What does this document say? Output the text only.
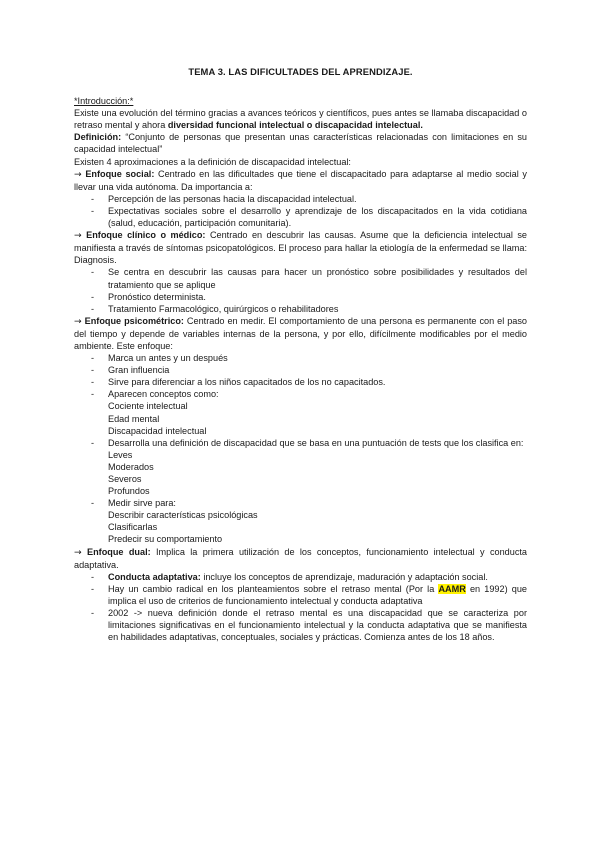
TEMA 3. LAS DIFICULTADES DEL APRENDIZAJE.

*Introducción:*

Existe una evolución del término gracias a avances teóricos y científicos, pues antes se llamaba discapacidad o retraso mental y ahora diversidad funcional intelectual o discapacidad intelectual.

Definición: “Conjunto de personas que presentan unas características relacionadas con limitaciones en su capacidad intelectual”

Existen 4 aproximaciones a la definición de discapacidad intelectual:

→ Enfoque social: Centrado en las dificultades que tiene el discapacitado para adaptarse al medio social y llevar una vida autónoma. Da importancia a:

- Percepción de las personas hacia la discapacidad intelectual.
- Expectativas sociales sobre el desarrollo y aprendizaje de los discapacitados en la vida cotidiana (salud, educación, participación comunitaria).

→ Enfoque clínico o médico: Centrado en descubrir las causas. Asume que la deficiencia intelectual se manifiesta a través de síntomas psicopatológicos. El proceso para hallar la etiología de la enfermedad se llama: Diagnosis.

- Se centra en descubrir las causas para hacer un pronóstico sobre posibilidades y resultados del tratamiento que se aplique
- Pronóstico determinista.
- Tratamiento Farmacológico, quirúrgicos o rehabilitadores

→ Enfoque psicométrico: Centrado en medir. El comportamiento de una persona es permanente con el paso del tiempo y depende de variables internas de la persona, y por ello, difícilmente modificables por el medio ambiente. Este enfoque:

- Marca un antes y un después
- Gran influencia
- Sirve para diferenciar a los niños capacitados de los no capacitados.
- Aparecen conceptos como:
Cociente intelectual
Edad mental
Discapacidad intelectual
- Desarrolla una definición de discapacidad que se basa en una puntuación de tests que los clasifica en:
Leves
Moderados
Severos
Profundos
- Medir sirve para:
Describir características psicológicas
Clasificarlas
Predecir su comportamiento

→ Enfoque dual: Implica la primera utilización de los conceptos, funcionamiento intelectual y conducta adaptativa.

- Conducta adaptativa: incluye los conceptos de aprendizaje, maduración y adaptación social.
- Hay un cambio radical en los planteamientos sobre el retraso mental (Por la AAMR en 1992) que implica el uso de criterios de funcionamiento intelectual y conducta adaptativa
- 2002 -> nueva definición donde el retraso mental es una discapacidad que se caracteriza por limitaciones significativas en el funcionamiento intelectual y la conducta adaptativa que se manifiesta en habilidades adaptativas, conceptuales, sociales y prácticas. Comienza antes de los 18 años.
